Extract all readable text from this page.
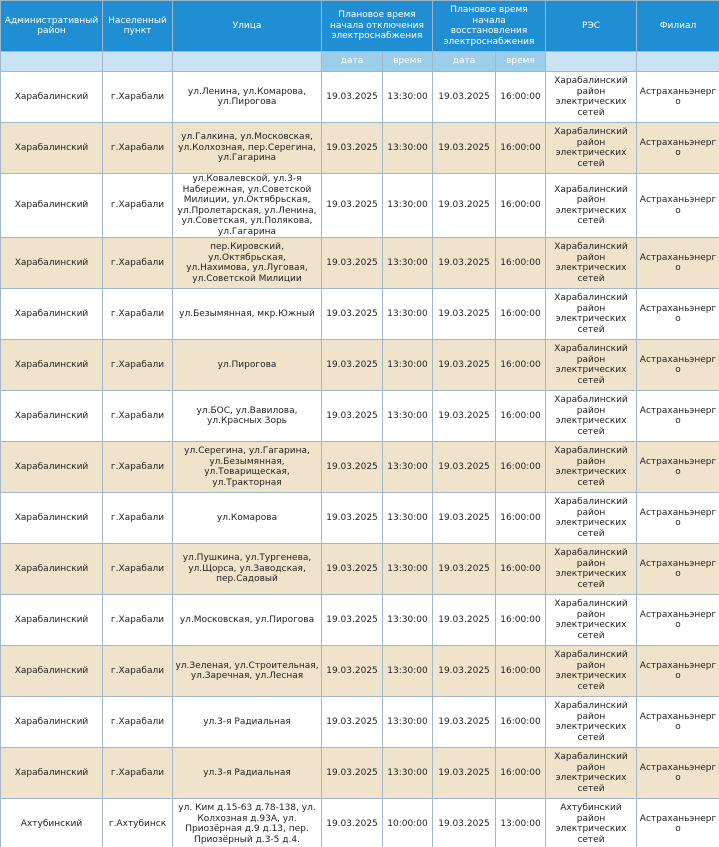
Административный район	Населенный пункт	Улица	Плановое время начала отключения электроснабжения		Плановое время начала восстановления электроснабжения		РЭС	Филиал
			дата	время	дата	время		
Харабалинский	г.Харабали	ул.Ленина, ул.Комарова, ул.Пирогова	19.03.2025	13:30:00	19.03.2025	16:00:00	Харабалинский район электрических сетей	Астраханьэнерго
Харабалинский	г.Харабали	ул.Галкина, ул.Московская, ул.Колхозная, пер.Серегина, ул.Гагарина	19.03.2025	13:30:00	19.03.2025	16:00:00	Харабалинский район электрических сетей	Астраханьэнерго
Харабалинский	г.Харабали	ул.Ковалевской, ул.3-я Набережная, ул.Советской Милиции, ул.Октябрьская, ул.Пролетарская, ул.Ленина, ул.Советская, ул.Полякова, ул.Гагарина	19.03.2025	13:30:00	19.03.2025	16:00:00	Харабалинский район электрических сетей	Астраханьэнерго
Харабалинский	г.Харабали	пер.Кировский, ул.Октябрьская, ул.Нахимова, ул.Луговая, ул.Советской Милиции	19.03.2025	13:30:00	19.03.2025	16:00:00	Харабалинский район электрических сетей	Астраханьэнерго
Харабалинский	г.Харабали	ул.Безымянная, мкр.Южный	19.03.2025	13:30:00	19.03.2025	16:00:00	Харабалинский район электрических сетей	Астраханьэнерго
Харабалинский	г.Харабали	ул.Пирогова	19.03.2025	13:30:00	19.03.2025	16:00:00	Харабалинский район электрических сетей	Астраханьэнерго
Харабалинский	г.Харабали	ул.БОС, ул.Вавилова, ул.Красных Зорь	19.03.2025	13:30:00	19.03.2025	16:00:00	Харабалинский район электрических сетей	Астраханьэнерго
Харабалинский	г.Харабали	ул.Серегина, ул.Гагарина, ул.Безымянная, ул.Товарищеская, ул.Тракторная	19.03.2025	13:30:00	19.03.2025	16:00:00	Харабалинский район электрических сетей	Астраханьэнерго
Харабалинский	г.Харабали	ул.Комарова	19.03.2025	13:30:00	19.03.2025	16:00:00	Харабалинский район электрических сетей	Астраханьэнерго
Харабалинский	г.Харабали	ул.Пушкина, ул.Тургенева, ул.Щорса, ул.Заводская, пер.Садовый	19.03.2025	13:30:00	19.03.2025	16:00:00	Харабалинский район электрических сетей	Астраханьэнерго
Харабалинский	г.Харабали	ул.Московская, ул.Пирогова	19.03.2025	13:30:00	19.03.2025	16:00:00	Харабалинский район электрических сетей	Астраханьэнерго
Харабалинский	г.Харабали	ул.Зеленая, ул.Строительная, ул.Заречная, ул.Лесная	19.03.2025	13:30:00	19.03.2025	16:00:00	Харабалинский район электрических сетей	Астраханьэнерго
Харабалинский	г.Харабали	ул.3-я Радиальная	19.03.2025	13:30:00	19.03.2025	16:00:00	Харабалинский район электрических сетей	Астраханьэнерго
Харабалинский	г.Харабали	ул.3-я Радиальная	19.03.2025	13:30:00	19.03.2025	16:00:00	Харабалинский район электрических сетей	Астраханьэнерго
Ахтубинский	г.Ахтубинск	ул. Ким д.15-63 д.78-138, ул. Колхозная д.93А, ул. Приозёрная д.9 д.13, пер. Приозёрный д.3-5 д.4.	19.03.2025	10:00:00	19.03.2025	13:00:00	Ахтубинский район электрических сетей	Астраханьэнерго
